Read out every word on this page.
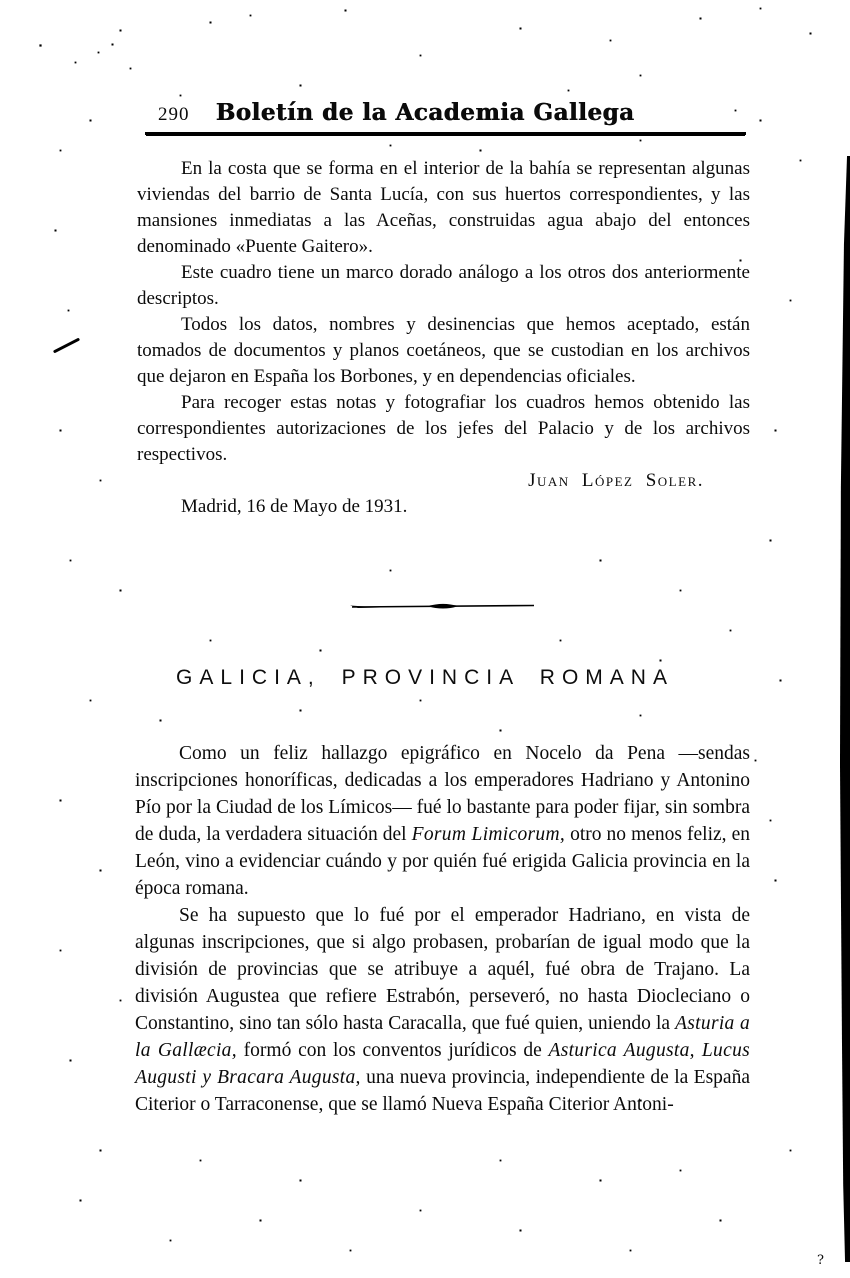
290	Boletín de la Academia Gallega

En la costa que se forma en el interior de la bahía se representan algunas viviendas del barrio de Santa Lucía, con sus huertos correspondientes, y las mansiones inmediatas a las Aceñas, construidas agua abajo del entonces denominado «Puente Gaitero».

Este cuadro tiene un marco dorado análogo a los otros dos anteriormente descriptos.

Todos los datos, nombres y desinencias que hemos aceptado, están tomados de documentos y planos coetáneos, que se custodian en los archivos que dejaron en España los Borbones, y en dependencias oficiales.

Para recoger estas notas y fotografiar los cuadros hemos obtenido las correspondientes autorizaciones de los jefes del Palacio y de los archivos respectivos.

Juan López Soler.

Madrid, 16 de Mayo de 1931.

GALICIA, PROVINCIA ROMANA

Como un feliz hallazgo epigráfico en Nocelo da Pena —sendas inscripciones honoríficas, dedicadas a los emperadores Hadriano y Antonino Pío por la Ciudad de los Límicos— fué lo bastante para poder fijar, sin sombra de duda, la verdadera situación del Forum Limicorum, otro no menos feliz, en León, vino a evidenciar cuándo y por quién fué erigida Galicia provincia en la época romana.

Se ha supuesto que lo fué por el emperador Hadriano, en vista de algunas inscripciones, que si algo probasen, probarían de igual modo que la división de provincias que se atribuye a aquél, fué obra de Trajano. La división Augustea que refiere Estrabón, perseveró, no hasta Diocleciano o Constantino, sino tan sólo hasta Caracalla, que fué quien, uniendo la Asturia a la Gallæcia, formó con los conventos jurídicos de Asturica Augusta, Lucus Augusti y Bracara Augusta, una nueva provincia, independiente de la España Citerior o Tarraconense, que se llamó Nueva España Citerior Antoni-

?
